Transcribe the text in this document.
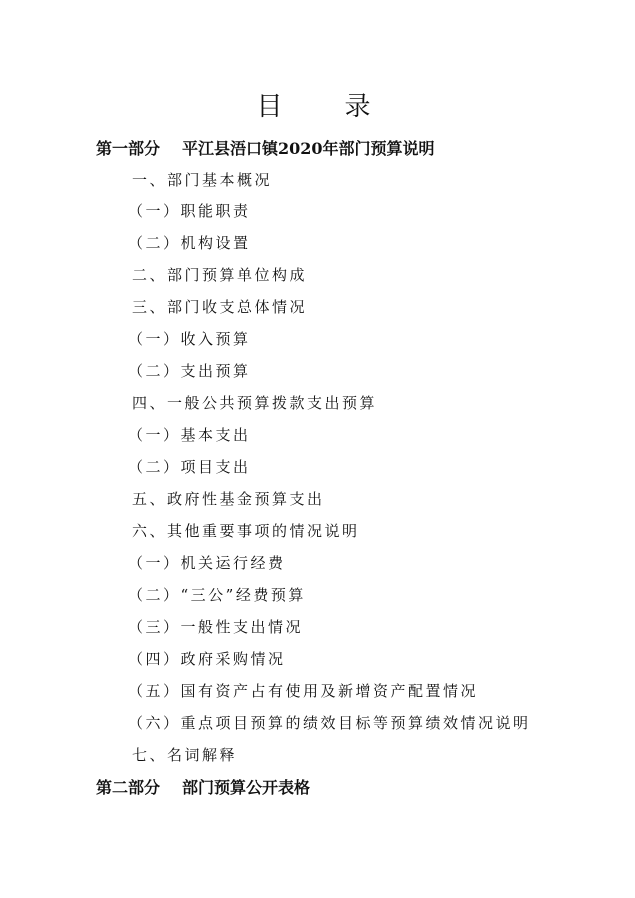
目　录
第一部分 平江县浯口镇2020年部门预算说明
一、部门基本概况
（一）职能职责
（二）机构设置
二、部门预算单位构成
三、部门收支总体情况
（一）收入预算
（二）支出预算
四、一般公共预算拨款支出预算
（一）基本支出
（二）项目支出
五、政府性基金预算支出
六、其他重要事项的情况说明
（一）机关运行经费
（二）“三公”经费预算
（三）一般性支出情况
（四）政府采购情况
（五）国有资产占有使用及新增资产配置情况
（六）重点项目预算的绩效目标等预算绩效情况说明
七、名词解释
第二部分 部门预算公开表格
